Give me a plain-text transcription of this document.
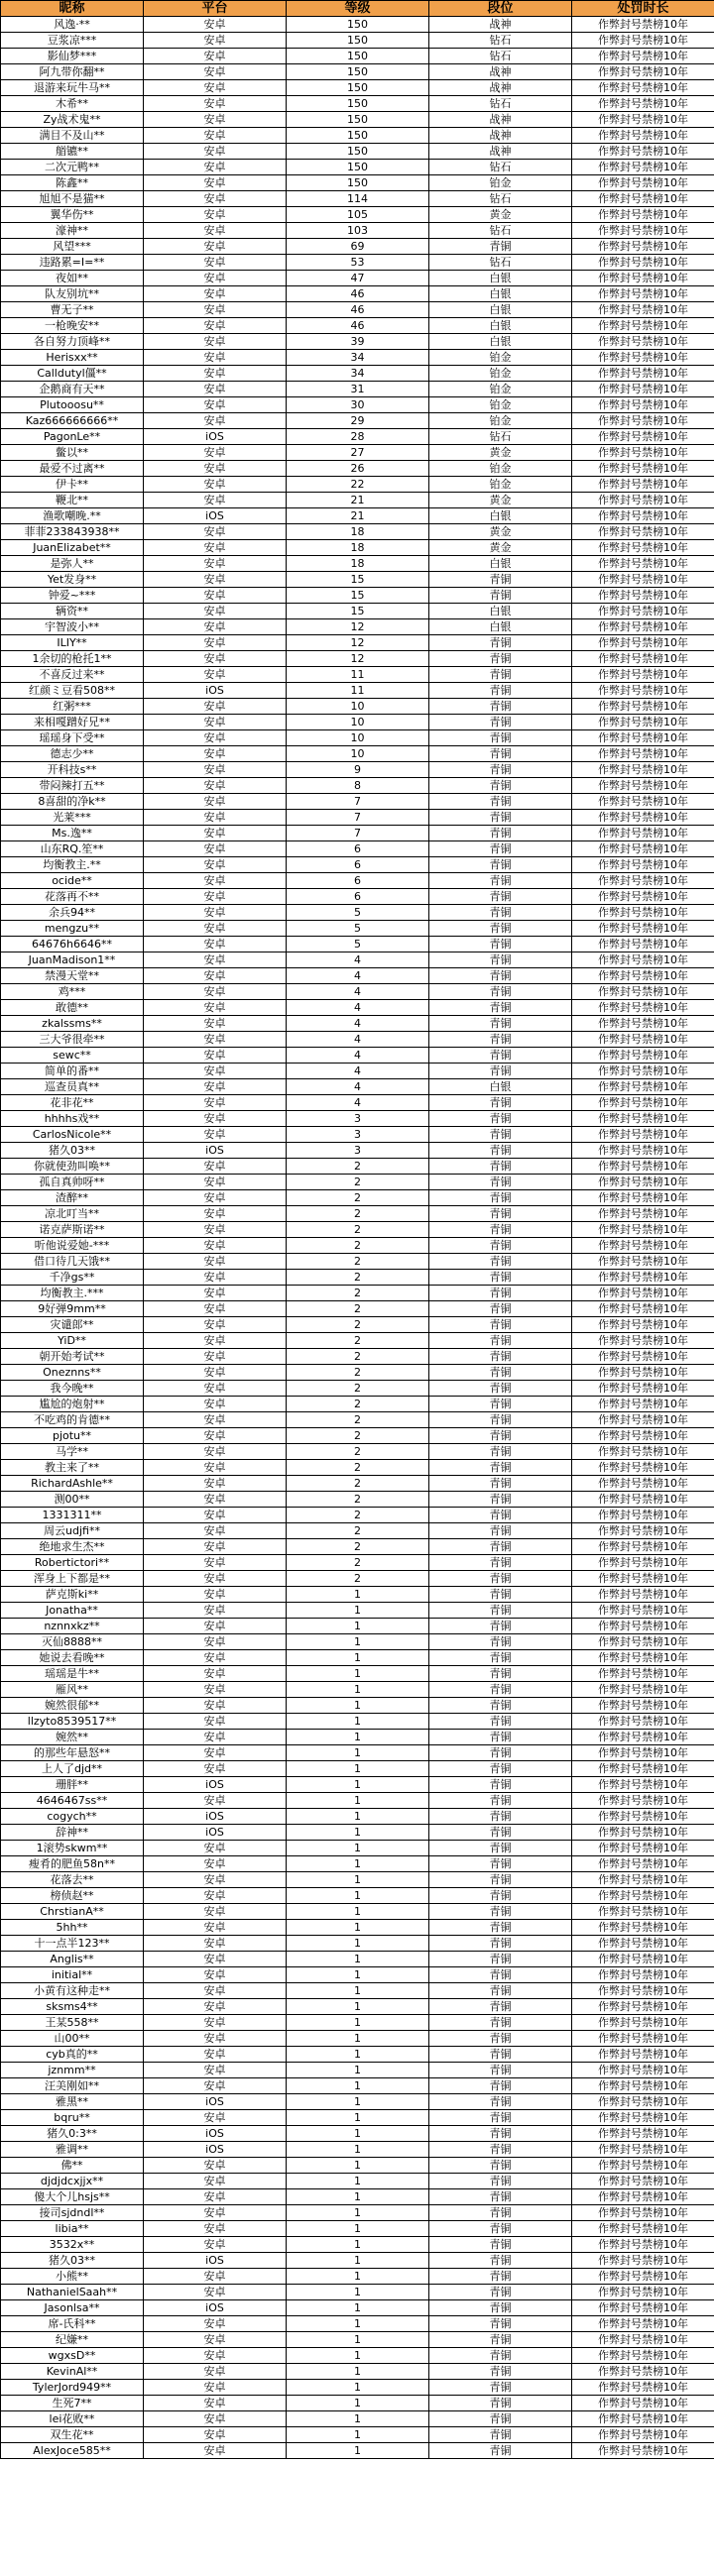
昵称	平台	等级	段位	处罚时长
风逸·**	安卓	150	战神	作弊封号禁榜10年
豆浆凉***	安卓	150	钻石	作弊封号禁榜10年
影仙梦***	安卓	150	钻石	作弊封号禁榜10年
阿九带你翻**	安卓	150	战神	作弊封号禁榜10年
退游来玩牛马**	安卓	150	战神	作弊封号禁榜10年
木希**	安卓	150	钻石	作弊封号禁榜10年
Zy战术鬼**	安卓	150	战神	作弊封号禁榜10年
满目不及山**	安卓	150	战神	作弊封号禁榜10年
艏镳**	安卓	150	战神	作弊封号禁榜10年
二次元鸭**	安卓	150	钻石	作弊封号禁榜10年
陈鑫**	安卓	150	铂金	作弊封号禁榜10年
旭旭不是猫**	安卓	114	钻石	作弊封号禁榜10年
翼华伤**	安卓	105	黄金	作弊封号禁榜10年
濠神**	安卓	103	钻石	作弊封号禁榜10年
风望***	安卓	69	青铜	作弊封号禁榜10年
违路累=I=**	安卓	53	钻石	作弊封号禁榜10年
夜如**	安卓	47	白银	作弊封号禁榜10年
队友别坑**	安卓	46	白银	作弊封号禁榜10年
曹无子**	安卓	46	白银	作弊封号禁榜10年
一枪晚安**	安卓	46	白银	作弊封号禁榜10年
各自努力顶峰**	安卓	39	白银	作弊封号禁榜10年
Herisxx**	安卓	34	铂金	作弊封号禁榜10年
Calldutyl僵**	安卓	34	铂金	作弊封号禁榜10年
企鹅商有天**	安卓	31	铂金	作弊封号禁榜10年
Plutooosu**	安卓	30	铂金	作弊封号禁榜10年
Kaz666666666**	安卓	29	铂金	作弊封号禁榜10年
PagonLe**	iOS	28	钻石	作弊封号禁榜10年
鳖以**	安卓	27	黄金	作弊封号禁榜10年
最爱不过离**	安卓	26	铂金	作弊封号禁榜10年
伊卡**	安卓	22	铂金	作弊封号禁榜10年
鞭北**	安卓	21	黄金	作弊封号禁榜10年
渔歌嘲晚.**	iOS	21	白银	作弊封号禁榜10年
菲菲233843938**	安卓	18	黄金	作弊封号禁榜10年
JuanElizabet**	安卓	18	黄金	作弊封号禁榜10年
是弥人**	安卓	18	白银	作弊封号禁榜10年
Yet发身**	安卓	15	青铜	作弊封号禁榜10年
钟爱~***	安卓	15	青铜	作弊封号禁榜10年
辆资**	安卓	15	白银	作弊封号禁榜10年
宇智波小**	安卓	12	白银	作弊封号禁榜10年
ILIY**	安卓	12	青铜	作弊封号禁榜10年
1余切的枪托1**	安卓	12	青铜	作弊封号禁榜10年
不喜反过来**	安卓	11	青铜	作弊封号禁榜10年
红颜ミ豆看508**	iOS	11	青铜	作弊封号禁榜10年
红粥***	安卓	10	青铜	作弊封号禁榜10年
来相嘎蹭好兄**	安卓	10	青铜	作弊封号禁榜10年
瑶瑶身下受**	安卓	10	青铜	作弊封号禁榜10年
德志少**	安卓	10	青铜	作弊封号禁榜10年
开科技s**	安卓	9	青铜	作弊封号禁榜10年
带闷辣打五**	安卓	8	青铜	作弊封号禁榜10年
8喜甜的净k**	安卓	7	青铜	作弊封号禁榜10年
光莱***	安卓	7	青铜	作弊封号禁榜10年
Ms.逸**	安卓	7	青铜	作弊封号禁榜10年
山东RQ.笙**	安卓	6	青铜	作弊封号禁榜10年
均衡教主.**	安卓	6	青铜	作弊封号禁榜10年
ocide**	安卓	6	青铜	作弊封号禁榜10年
花落再不**	安卓	6	青铜	作弊封号禁榜10年
余兵94**	安卓	5	青铜	作弊封号禁榜10年
mengzu**	安卓	5	青铜	作弊封号禁榜10年
64676h6646**	安卓	5	青铜	作弊封号禁榜10年
JuanMadison1**	安卓	4	青铜	作弊封号禁榜10年
禁漫天堂**	安卓	4	青铜	作弊封号禁榜10年
鸡***	安卓	4	青铜	作弊封号禁榜10年
敢德**	安卓	4	青铜	作弊封号禁榜10年
zkalssms**	安卓	4	青铜	作弊封号禁榜10年
三大爷很牵**	安卓	4	青铜	作弊封号禁榜10年
sewc**	安卓	4	青铜	作弊封号禁榜10年
简单的番**	安卓	4	青铜	作弊封号禁榜10年
巡查员真**	安卓	4	白银	作弊封号禁榜10年
花非花**	安卓	4	青铜	作弊封号禁榜10年
hhhhs戏**	安卓	3	青铜	作弊封号禁榜10年
CarlosNicole**	安卓	3	青铜	作弊封号禁榜10年
猪久03**	iOS	3	青铜	作弊封号禁榜10年
你就使劲叫唤**	安卓	2	青铜	作弊封号禁榜10年
孤自真帅呀**	安卓	2	青铜	作弊封号禁榜10年
渣醉**	安卓	2	青铜	作弊封号禁榜10年
凉北叮当**	安卓	2	青铜	作弊封号禁榜10年
诺克萨斯诺**	安卓	2	青铜	作弊封号禁榜10年
听他说爱她-***	安卓	2	青铜	作弊封号禁榜10年
借口待几天饿**	安卓	2	青铜	作弊封号禁榜10年
千净gs**	安卓	2	青铜	作弊封号禁榜10年
均衡教主.***	安卓	2	青铜	作弊封号禁榜10年
9好弹9mm**	安卓	2	青铜	作弊封号禁榜10年
灾谴郎**	安卓	2	青铜	作弊封号禁榜10年
YiD**	安卓	2	青铜	作弊封号禁榜10年
朝开始考试**	安卓	2	青铜	作弊封号禁榜10年
Oneznns**	安卓	2	青铜	作弊封号禁榜10年
我今晚**	安卓	2	青铜	作弊封号禁榜10年
尴尬的炮射**	安卓	2	青铜	作弊封号禁榜10年
不吃鸡的肯德**	安卓	2	青铜	作弊封号禁榜10年
pjotu**	安卓	2	青铜	作弊封号禁榜10年
马学**	安卓	2	青铜	作弊封号禁榜10年
教主来了**	安卓	2	青铜	作弊封号禁榜10年
RichardAshle**	安卓	2	青铜	作弊封号禁榜10年
测00**	安卓	2	青铜	作弊封号禁榜10年
1331311**	安卓	2	青铜	作弊封号禁榜10年
周云udjfi**	安卓	2	青铜	作弊封号禁榜10年
绝地求生杰**	安卓	2	青铜	作弊封号禁榜10年
Robertictori**	安卓	2	青铜	作弊封号禁榜10年
浑身上下都是**	安卓	2	青铜	作弊封号禁榜10年
萨克斯ki**	安卓	1	青铜	作弊封号禁榜10年
Jonatha**	安卓	1	青铜	作弊封号禁榜10年
nznnxkz**	安卓	1	青铜	作弊封号禁榜10年
灭仙8888**	安卓	1	青铜	作弊封号禁榜10年
她说去看晚**	安卓	1	青铜	作弊封号禁榜10年
瑶瑶是牛**	安卓	1	青铜	作弊封号禁榜10年
雁风**	安卓	1	青铜	作弊封号禁榜10年
婉然很郁**	安卓	1	青铜	作弊封号禁榜10年
llzyto8539517**	安卓	1	青铜	作弊封号禁榜10年
婉然**	安卓	1	青铜	作弊封号禁榜10年
的那些年悬怒**	安卓	1	青铜	作弊封号禁榜10年
上人了djd**	安卓	1	青铜	作弊封号禁榜10年
珊胖**	iOS	1	青铜	作弊封号禁榜10年
4646467ss**	安卓	1	青铜	作弊封号禁榜10年
cogych**	iOS	1	青铜	作弊封号禁榜10年
辞神**	iOS	1	青铜	作弊封号禁榜10年
1滚势skwm**	安卓	1	青铜	作弊封号禁榜10年
瘦肴的肥鱼58n**	安卓	1	青铜	作弊封号禁榜10年
花落去**	安卓	1	青铜	作弊封号禁榜10年
榜侦赵**	安卓	1	青铜	作弊封号禁榜10年
ChrstianA**	安卓	1	青铜	作弊封号禁榜10年
5hh**	安卓	1	青铜	作弊封号禁榜10年
十一点半123**	安卓	1	青铜	作弊封号禁榜10年
Anglis**	安卓	1	青铜	作弊封号禁榜10年
initial**	安卓	1	青铜	作弊封号禁榜10年
小黄有这种走**	安卓	1	青铜	作弊封号禁榜10年
sksms4**	安卓	1	青铜	作弊封号禁榜10年
王某558**	安卓	1	青铜	作弊封号禁榜10年
山00**	安卓	1	青铜	作弊封号禁榜10年
cyb真的**	安卓	1	青铜	作弊封号禁榜10年
jznmm**	安卓	1	青铜	作弊封号禁榜10年
汪美刚如**	安卓	1	青铜	作弊封号禁榜10年
雅黑**	iOS	1	青铜	作弊封号禁榜10年
bqru**	安卓	1	青铜	作弊封号禁榜10年
猪久0:3**	iOS	1	青铜	作弊封号禁榜10年
雅调**	iOS	1	青铜	作弊封号禁榜10年
佛**	安卓	1	青铜	作弊封号禁榜10年
djdjdcxjjx**	安卓	1	青铜	作弊封号禁榜10年
傻大个儿hsjs**	安卓	1	青铜	作弊封号禁榜10年
接司sjdndl**	安卓	1	青铜	作弊封号禁榜10年
libia**	安卓	1	青铜	作弊封号禁榜10年
3532x**	安卓	1	青铜	作弊封号禁榜10年
猪久03**	iOS	1	青铜	作弊封号禁榜10年
小熊**	安卓	1	青铜	作弊封号禁榜10年
NathanielSaah**	安卓	1	青铜	作弊封号禁榜10年
Jasonlsa**	iOS	1	青铜	作弊封号禁榜10年
席-氏科**	安卓	1	青铜	作弊封号禁榜10年
纪嫌**	安卓	1	青铜	作弊封号禁榜10年
wgxsD**	安卓	1	青铜	作弊封号禁榜10年
KevinAl**	安卓	1	青铜	作弊封号禁榜10年
TylerJord949**	安卓	1	青铜	作弊封号禁榜10年
生死7**	安卓	1	青铜	作弊封号禁榜10年
lei花败**	安卓	1	青铜	作弊封号禁榜10年
双生花**	安卓	1	青铜	作弊封号禁榜10年
AlexJoce585**	安卓	1	青铜	作弊封号禁榜10年
